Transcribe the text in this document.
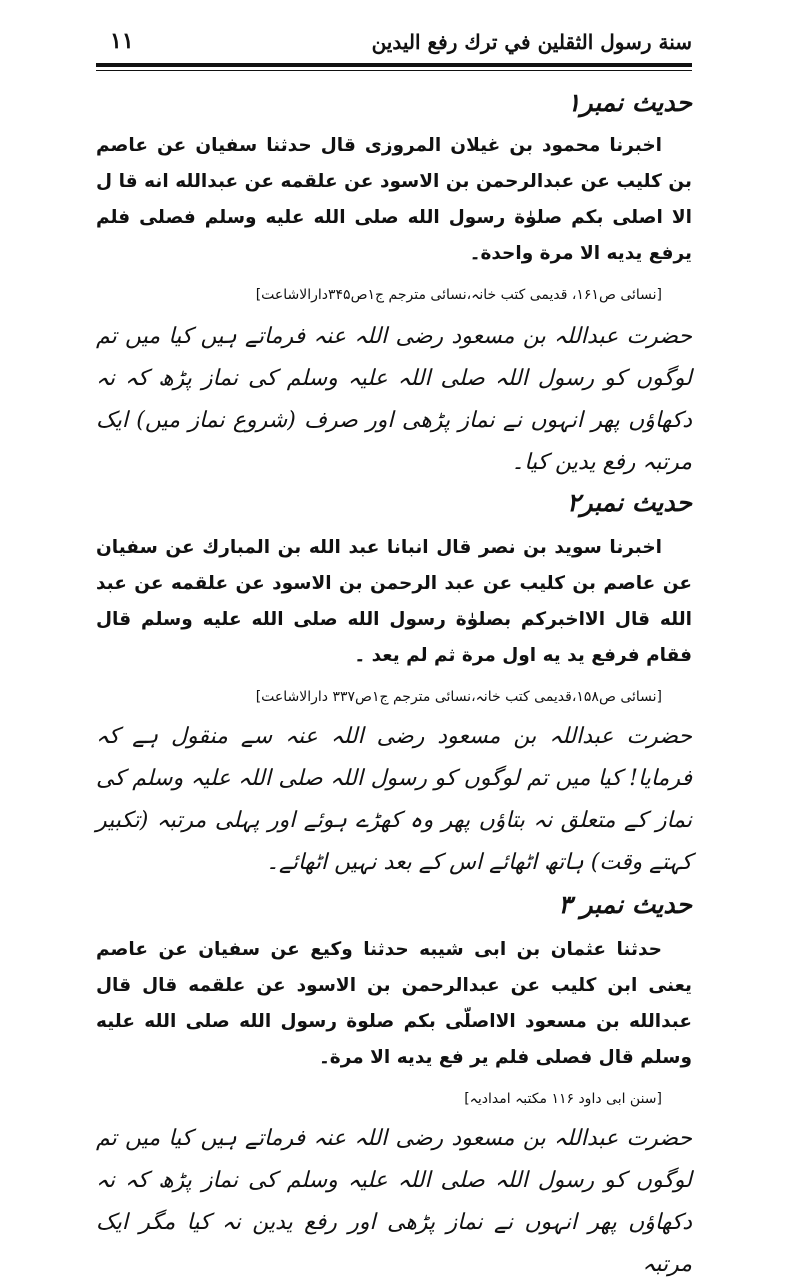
سنة رسول الثقلين في ترك رفع اليدين
١١

حدیث نمبر۱

اخبرنا محمود بن غیلان المروزی قال حدثنا سفیان عن عاصم بن کلیب عن عبدالرحمن بن الاسود عن علقمه عن عبدالله انه قا ل الا اصلی بکم صلوٰة رسول الله صلی الله علیه وسلم فصلی فلم یرفع یدیه الا مرة واحدة۔

[نسائی ص۱۶۱، قدیمی کتب خانہ،نسائی مترجم ج۱ص۳۴۵دارالاشاعت]

حضرت عبداللہ بن مسعود رضی اللہ عنہ فرماتے ہیں کیا میں تم لوگوں کو رسول اللہ صلی اللہ علیہ وسلم کی نماز پڑھ کہ نہ دکھاؤں پھر انہوں نے نماز پڑھی اور صرف (شروع نماز میں) ایک مرتبہ رفع یدین کیا۔

حدیث نمبر۲

اخبرنا سوید بن نصر قال انبانا عبد الله بن المبارك عن سفیان عن عاصم بن كلیب عن عبد الرحمن بن الاسود عن علقمه عن عبد الله قال الااخبرکم بصلوٰة رسول الله صلی الله علیه وسلم قال فقام فرفع ید یه اول مرة ثم لم یعد ۔

[نسائی ص۱۵۸،قدیمی کتب خانہ،نسائی مترجم ج۱ص۳۳۷ دارالاشاعت]

حضرت عبداللہ بن مسعود رضی اللہ عنہ سے منقول ہے کہ فرمایا! کیا میں تم لوگوں کو رسول اللہ صلی اللہ علیہ وسلم کی نماز کے متعلق نہ بتاؤں پھر وہ کھڑے ہوئے اور پہلی مرتبہ (تکبیر کہتے وقت) ہاتھ اٹھائے اس کے بعد نہیں اٹھائے۔

حدیث نمبر ۳

حدثنا عثمان بن ابی شیبه حدثنا وکیع عن سفیان عن عاصم یعنی ابن کلیب عن عبدالرحمن بن الاسود عن علقمه قال قال عبدالله بن مسعود الااصلّی بکم صلوة رسول الله صلی الله علیه وسلم قال فصلی فلم یر فع یدیه الا مرة۔

[سنن ابی داود ۱۱۶ مکتبہ امدادیہ]

حضرت عبداللہ بن مسعود رضی اللہ عنہ فرماتے ہیں کیا میں تم لوگوں کو رسول اللہ صلی اللہ علیہ وسلم کی نماز پڑھ کہ نہ دکھاؤں پھر انہوں نے نماز پڑھی اور رفع یدین نہ کیا مگر ایک مرتبہ
